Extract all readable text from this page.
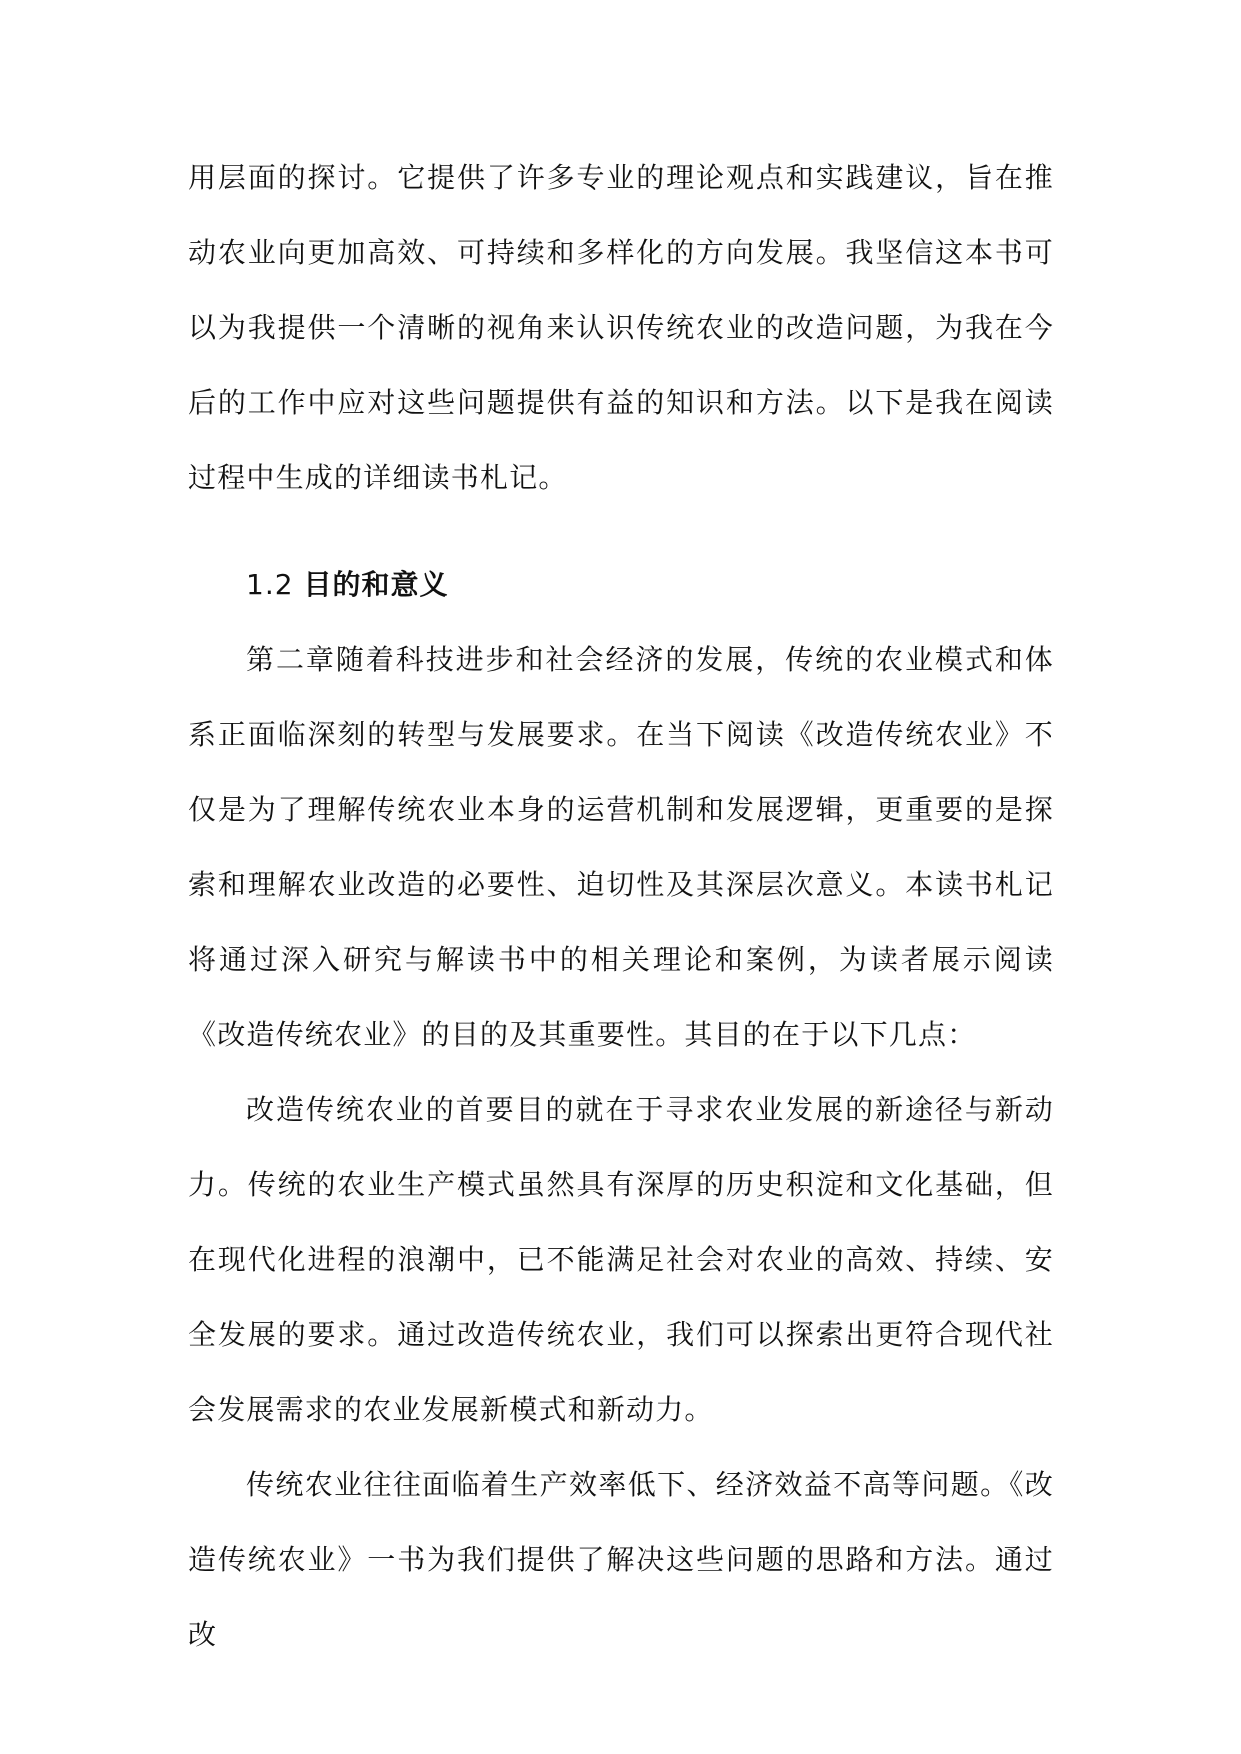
用层面的探讨。它提供了许多专业的理论观点和实践建议，旨在推动农业向更加高效、可持续和多样化的方向发展。我坚信这本书可以为我提供一个清晰的视角来认识传统农业的改造问题，为我在今后的工作中应对这些问题提供有益的知识和方法。以下是我在阅读过程中生成的详细读书札记。

1.2 目的和意义

第二章随着科技进步和社会经济的发展，传统的农业模式和体系正面临深刻的转型与发展要求。在当下阅读《改造传统农业》不仅是为了理解传统农业本身的运营机制和发展逻辑，更重要的是探索和理解农业改造的必要性、迫切性及其深层次意义。本读书札记将通过深入研究与解读书中的相关理论和案例，为读者展示阅读《改造传统农业》的目的及其重要性。其目的在于以下几点：

改造传统农业的首要目的就在于寻求农业发展的新途径与新动力。传统的农业生产模式虽然具有深厚的历史积淀和文化基础，但在现代化进程的浪潮中，已不能满足社会对农业的高效、持续、安全发展的要求。通过改造传统农业，我们可以探索出更符合现代社会发展需求的农业发展新模式和新动力。

传统农业往往面临着生产效率低下、经济效益不高等问题。《改造传统农业》一书为我们提供了解决这些问题的思路和方法。通过改
